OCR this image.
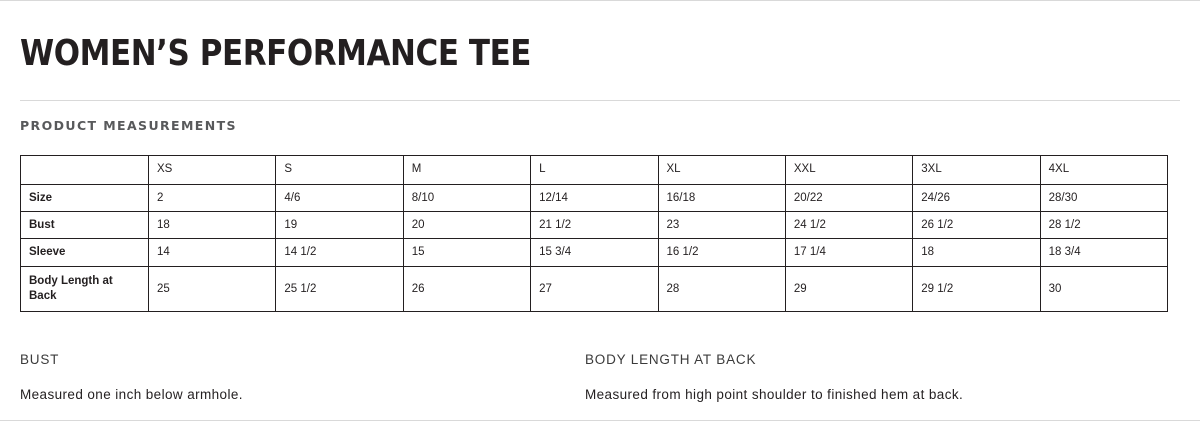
WOMEN’S PERFORMANCE TEE
PRODUCT MEASUREMENTS
	XS	S	M	L	XL	XXL	3XL	4XL
Size	2	4/6	8/10	12/14	16/18	20/22	24/26	28/30
Bust	18	19	20	21 1/2	23	24 1/2	26 1/2	28 1/2
Sleeve	14	14 1/2	15	15 3/4	16 1/2	17 1/4	18	18 3/4
Body Length at Back	25	25 1/2	26	27	28	29	29 1/2	30
BUST
Measured one inch below armhole.
BODY LENGTH AT BACK
Measured from high point shoulder to finished hem at back.
